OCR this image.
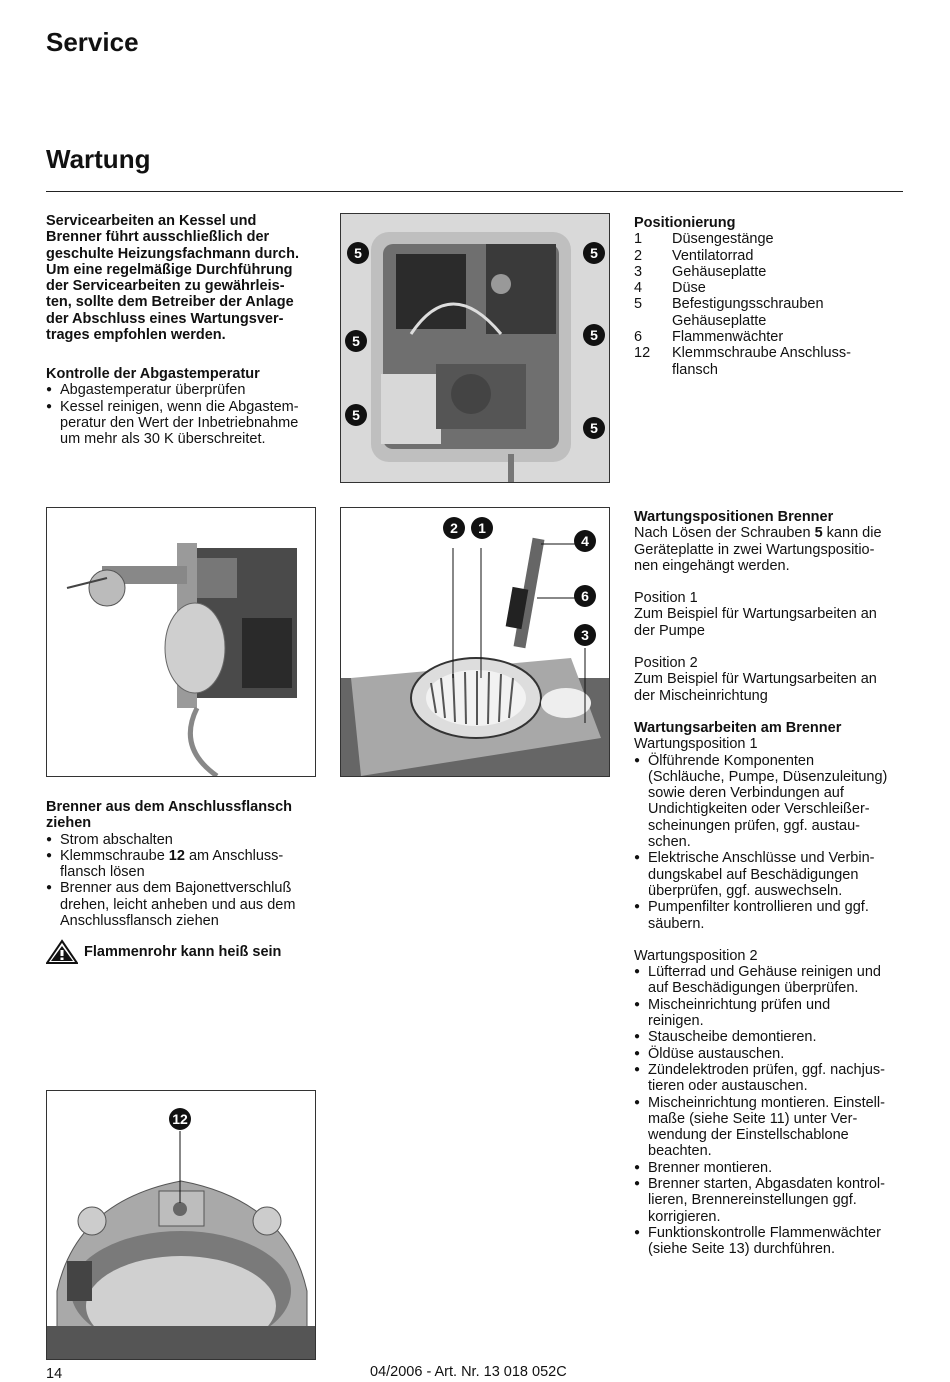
Service
Wartung
Servicearbeiten an Kessel und
Brenner führt ausschließlich der
geschulte Heizungsfachmann durch.
Um eine regelmäßige Durchführung
der Servicearbeiten zu gewährleis-
ten, sollte dem Betreiber der Anlage
der Abschluss eines Wartungsver-
trages empfohlen werden.
Kontrolle der Abgastemperatur
● Abgastemperatur überprüfen
● Kessel reinigen, wenn die Abgastem-
peratur den Wert der Inbetriebnahme
um mehr als 30 K überschreitet.
5	5
5	5
5
5
Positionierung
1	Düsengestänge
2	Ventilatorrad
3	Gehäuseplatte
4	Düse
5	Befestigungsschrauben
Gehäuseplatte
6	Flammenwächter
12	Klemmschraube Anschluss-
flansch
2	1
4
6
3
Wartungspositionen Brenner
Nach Lösen der Schrauben 5 kann die
Geräteplatte in zwei Wartungspositio-
nen eingehängt werden.
Position 1
Zum Beispiel für Wartungsarbeiten an
der Pumpe
Position 2
Zum Beispiel für Wartungsarbeiten an
der Mischeinrichtung
Wartungsarbeiten am Brenner
Wartungsposition 1
● Ölführende Komponenten
(Schläuche, Pumpe, Düsenzuleitung)
sowie deren Verbindungen auf
Undichtigkeiten oder Verschleißer-
scheinungen prüfen, ggf. austau-
schen.
● Elektrische Anschlüsse und Verbin-
dungskabel auf Beschädigungen
überprüfen, ggf. auswechseln.
● Pumpenfilter kontrollieren und ggf.
säubern.
Wartungsposition 2
● Lüfterrad und Gehäuse reinigen und
auf Beschädigungen überprüfen.
● Mischeinrichtung prüfen und
reinigen.
● Stauscheibe demontieren.
● Öldüse austauschen.
● Zündelektroden prüfen, ggf. nachjus-
tieren oder austauschen.
● Mischeinrichtung montieren. Einstell-
maße (siehe Seite 11) unter Ver-
wendung der Einstellschablone
beachten.
● Brenner montieren.
● Brenner starten, Abgasdaten kontrol-
lieren, Brennereinstellungen ggf.
korrigieren.
● Funktionskontrolle Flammenwächter
(siehe Seite 13) durchführen.
Brenner aus dem Anschlussflansch
ziehen
● Strom abschalten
● Klemmschraube 12 am Anschluss-
flansch lösen
● Brenner aus dem Bajonettverschluß
drehen, leicht anheben und aus dem
Anschlussflansch ziehen
Flammenrohr kann heiß sein
12
14	04/2006 - Art. Nr. 13 018 052C
